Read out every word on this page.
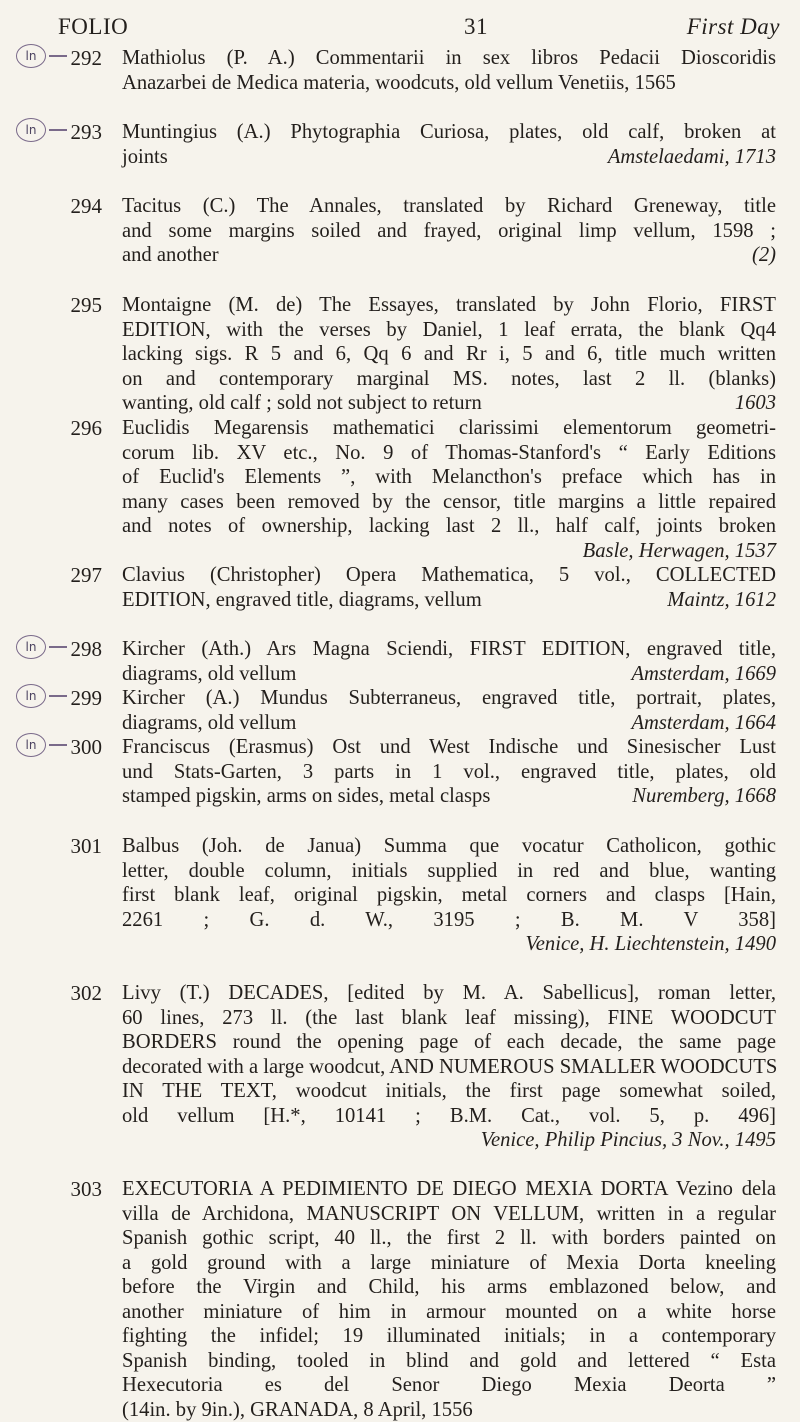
FOLIO	31	First Day
ln	292 Mathiolus (P. A.) Commentarii in sex libros Pedacii Dioscoridis
Anazarbei de Medica materia, woodcuts, old vellum Venetiis, 1565
ln	293 Muntingius (A.) Phytographia Curiosa, plates, old calf, broken at
joints	Amstelaedami, 1713
294 Tacitus (C.) The Annales, translated by Richard Greneway, title
and some margins soiled and frayed, original limp vellum, 1598 ;
and another	(2)
295 Montaigne (M. de) The Essayes, translated by John Florio, FIRST
EDITION, with the verses by Daniel, 1 leaf errata, the blank Qq4
lacking sigs. R 5 and 6, Qq 6 and Rr i, 5 and 6, title much written
on and contemporary marginal MS. notes, last 2 ll. (blanks)
wanting, old calf ; sold not subject to return	1603
296 Euclidis Megarensis mathematici clarissimi elementorum geometri-
corum lib. XV etc., No. 9 of Thomas-Stanford's “ Early Editions
of Euclid's Elements ”, with Melancthon's preface which has in
many cases been removed by the censor, title margins a little repaired
and notes of ownership, lacking last 2 ll., half calf, joints broken
Basle, Herwagen, 1537
297 Clavius (Christopher) Opera Mathematica, 5 vol., COLLECTED
EDITION, engraved title, diagrams, vellum	Maintz, 1612
ln	298 Kircher (Ath.) Ars Magna Sciendi, FIRST EDITION, engraved title,
diagrams, old vellum	Amsterdam, 1669
ln	299 Kircher (A.) Mundus Subterraneus, engraved title, portrait, plates,
diagrams, old vellum	Amsterdam, 1664
ln	300 Franciscus (Erasmus) Ost und West Indische und Sinesischer Lust
und Stats-Garten, 3 parts in 1 vol., engraved title, plates, old
stamped pigskin, arms on sides, metal clasps	Nuremberg, 1668
301 Balbus (Joh. de Janua) Summa que vocatur Catholicon, gothic
letter, double column, initials supplied in red and blue, wanting
first blank leaf, original pigskin, metal corners and clasps [Hain,
2261 ; G. d. W., 3195 ; B. M. V 358]
Venice, H. Liechtenstein, 1490
302 Livy (T.) DECADES, [edited by M. A. Sabellicus], roman letter,
60 lines, 273 ll. (the last blank leaf missing), FINE WOODCUT
BORDERS round the opening page of each decade, the same page
decorated with a large woodcut, AND NUMEROUS SMALLER WOODCUTS
IN THE TEXT, woodcut initials, the first page somewhat soiled,
old vellum [H.*, 10141 ; B.M. Cat., vol. 5, p. 496]
Venice, Philip Pincius, 3 Nov., 1495
303 EXECUTORIA A PEDIMIENTO DE DIEGO MEXIA DORTA Vezino dela
villa de Archidona, MANUSCRIPT ON VELLUM, written in a regular
Spanish gothic script, 40 ll., the first 2 ll. with borders painted on
a gold ground with a large miniature of Mexia Dorta kneeling
before the Virgin and Child, his arms emblazoned below, and
another miniature of him in armour mounted on a white horse
fighting the infidel; 19 illuminated initials; in a contemporary
Spanish binding, tooled in blind and gold and lettered “ Esta
Hexecutoria es del Senor Diego Mexia Deorta ”
(14in. by 9in.), GRANADA, 8 April, 1556
